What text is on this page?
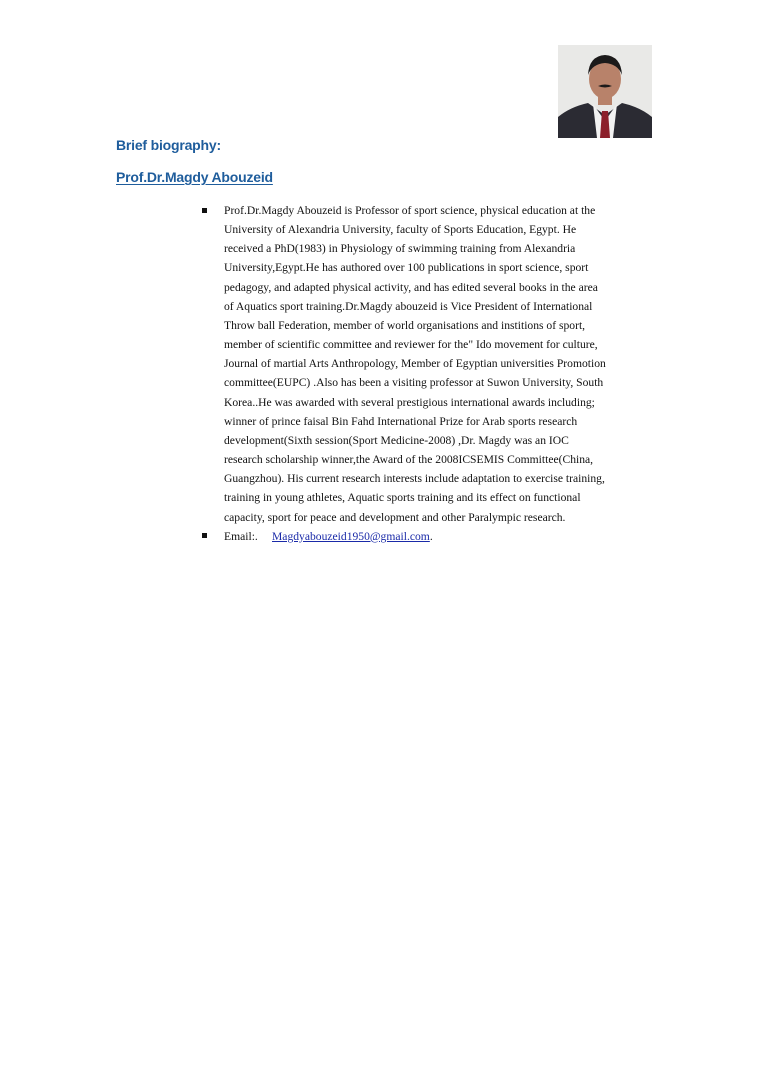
Brief biography:
Prof.Dr.Magdy Abouzeid
Prof.Dr.Magdy Abouzeid is Professor of sport science, physical education at the
University of Alexandria University, faculty of Sports Education, Egypt. He
received a PhD(1983) in Physiology of swimming training from Alexandria
University,Egypt.He has authored over 100 publications in sport science, sport
pedagogy, and adapted physical activity, and has edited several books in the area
of Aquatics sport training.Dr.Magdy abouzeid is Vice President of International
Throw ball Federation, member of world organisations and institions of sport,
member of scientific committee and reviewer for the" Ido movement for culture,
Journal of martial Arts Anthropology, Member of Egyptian universities Promotion
committee(EUPC) .Also has been a visiting professor at Suwon University, South
Korea..He was awarded with several prestigious international awards including;
winner of prince faisal Bin Fahd International Prize for Arab sports research
development(Sixth session(Sport Medicine-2008) ,Dr. Magdy was an IOC
research scholarship winner,the Award of the 2008ICSEMIS Committee(China,
Guangzhou). His current research interests include adaptation to exercise training,
training in young athletes, Aquatic sports training and its effect on functional
capacity, sport for peace and development and other Paralympic research.
Email:. Magdyabouzeid1950@gmail.com.
